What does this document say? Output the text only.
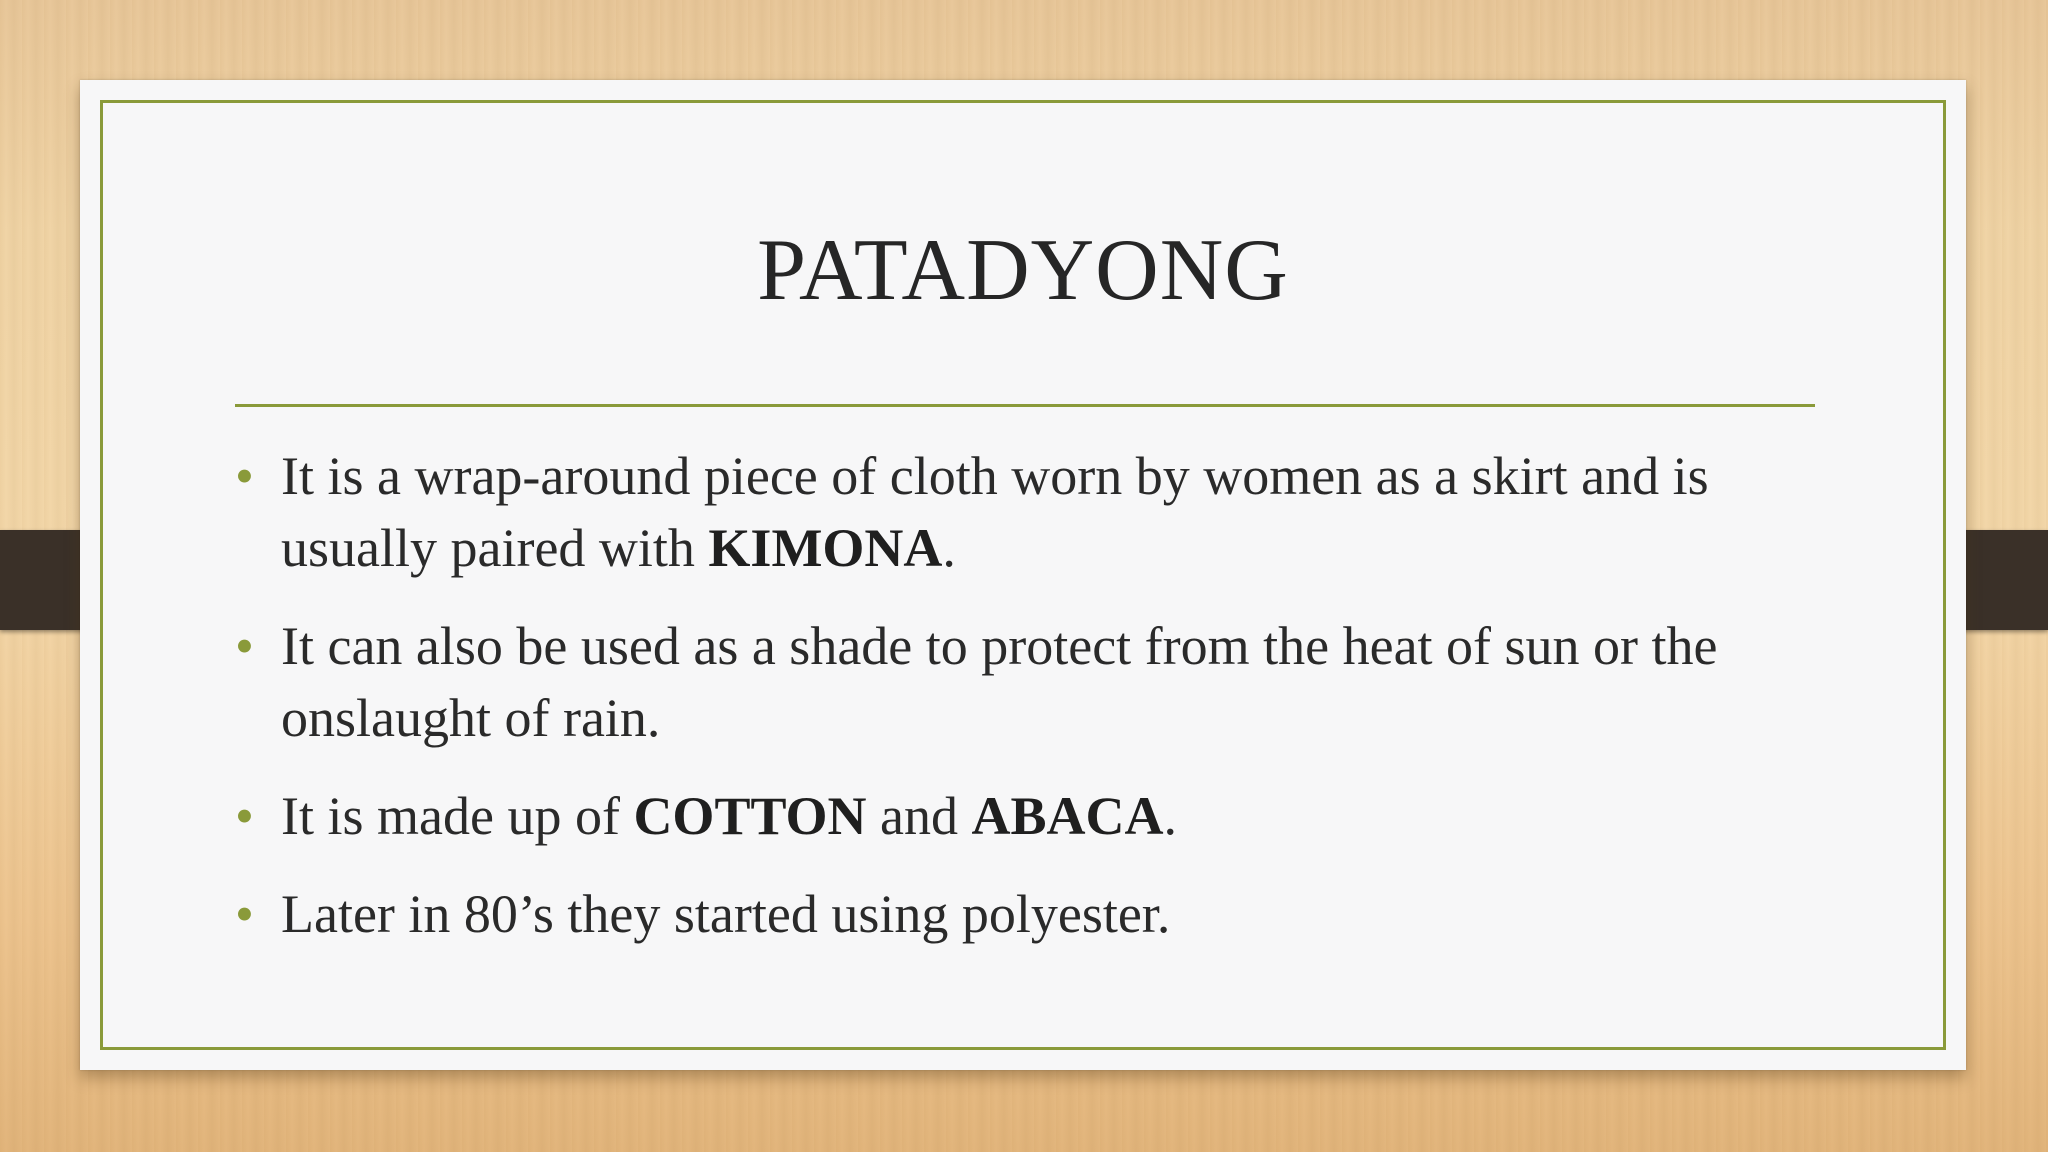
PATADYONG
• It is a wrap-around piece of cloth worn by women as a skirt and is usually paired with KIMONA.
• It can also be used as a shade to protect from the heat of sun or the onslaught of rain.
• It is made up of COTTON and ABACA.
• Later in 80’s they started using polyester.
